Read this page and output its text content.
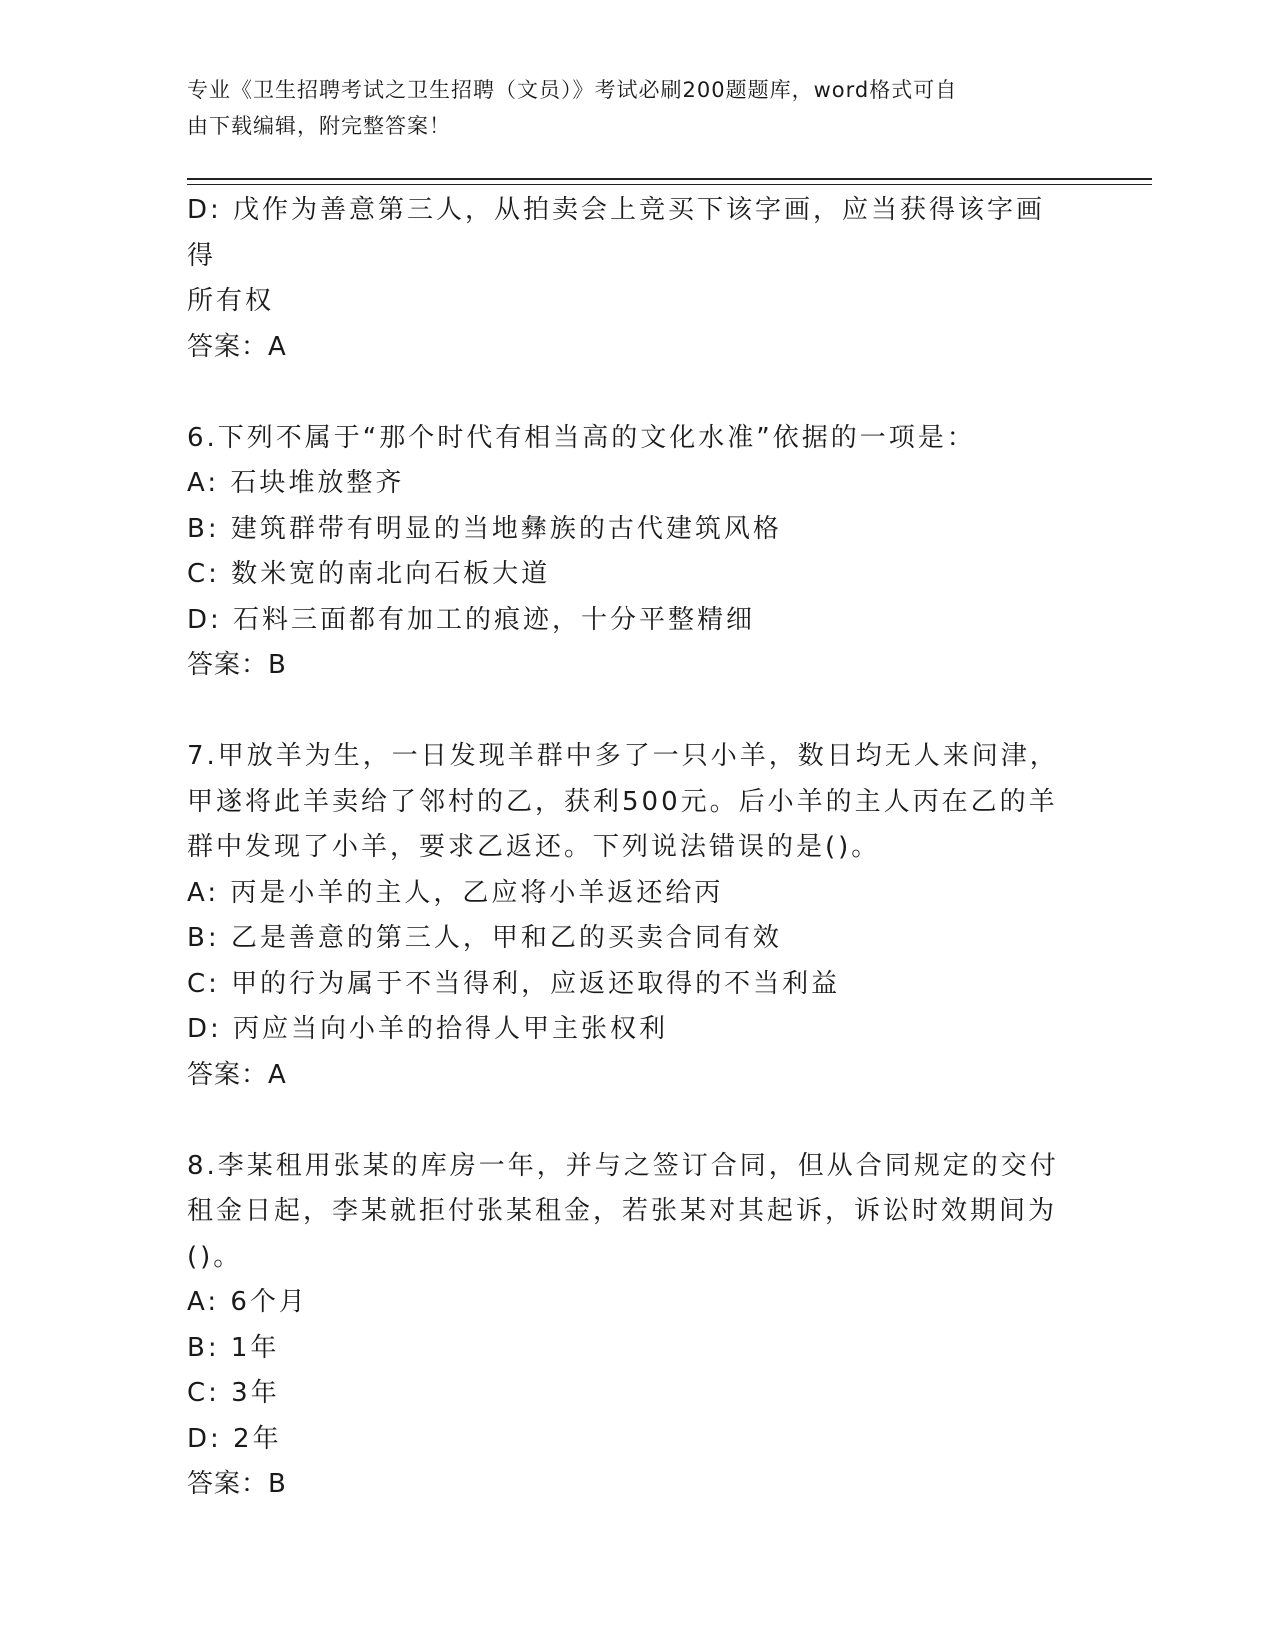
专业《卫生招聘考试之卫生招聘（文员）》考试必刷200题题库，word格式可自
由下载编辑，附完整答案！
D: 戊作为善意第三人，从拍卖会上竞买下该字画，应当获得该字画得
所有权
答案：A
6.下列不属于“那个时代有相当高的文化水准”依据的一项是：
A: 石块堆放整齐
B: 建筑群带有明显的当地彝族的古代建筑风格
C: 数米宽的南北向石板大道
D: 石料三面都有加工的痕迹，十分平整精细
答案：B
7.甲放羊为生，一日发现羊群中多了一只小羊，数日均无人来问津，
甲遂将此羊卖给了邻村的乙，获利500元。后小羊的主人丙在乙的羊
群中发现了小羊，要求乙返还。下列说法错误的是()。
A: 丙是小羊的主人，乙应将小羊返还给丙
B: 乙是善意的第三人，甲和乙的买卖合同有效
C: 甲的行为属于不当得利，应返还取得的不当利益
D: 丙应当向小羊的拾得人甲主张权利
答案：A
8.李某租用张某的库房一年，并与之签订合同，但从合同规定的交付
租金日起，李某就拒付张某租金，若张某对其起诉，诉讼时效期间为
()。
A: 6个月
B: 1年
C: 3年
D: 2年
答案：B
